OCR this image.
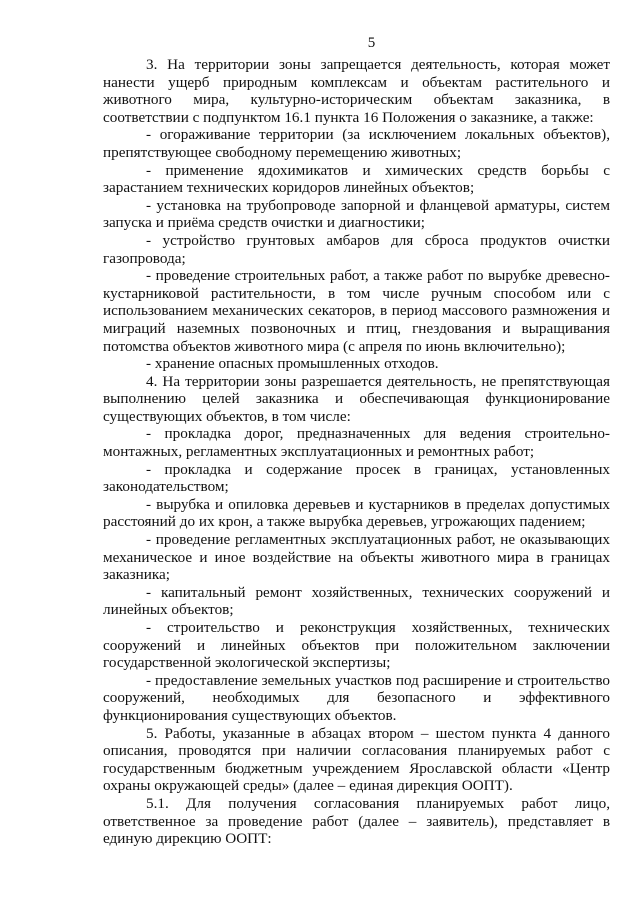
5

3. На территории зоны запрещается деятельность, которая может нанести ущерб природным комплексам и объектам растительного и животного мира, культурно-историческим объектам заказника, в соответствии с подпунктом 16.1 пункта 16 Положения о заказнике, а также:

- огораживание территории (за исключением локальных объектов), препятствующее свободному перемещению животных;

- применение ядохимикатов и химических средств борьбы с зарастанием технических коридоров линейных объектов;

- установка на трубопроводе запорной и фланцевой арматуры, систем запуска и приёма средств очистки и диагностики;

- устройство грунтовых амбаров для сброса продуктов очистки газопровода;

- проведение строительных работ, а также работ по вырубке древесно-кустарниковой растительности, в том числе ручным способом или с использованием механических секаторов, в период массового размножения и миграций наземных позвоночных и птиц, гнездования и выращивания потомства объектов животного мира (с апреля по июнь включительно);

- хранение опасных промышленных отходов.

4. На территории зоны разрешается деятельность, не препятствующая выполнению целей заказника и обеспечивающая функционирование существующих объектов, в том числе:

- прокладка дорог, предназначенных для ведения строительно-монтажных, регламентных эксплуатационных и ремонтных работ;

- прокладка и содержание просек в границах, установленных законодательством;

- вырубка и опиловка деревьев и кустарников в пределах допустимых расстояний до их крон, а также вырубка деревьев, угрожающих падением;

- проведение регламентных эксплуатационных работ, не оказывающих механическое и иное воздействие на объекты животного мира в границах заказника;

- капитальный ремонт хозяйственных, технических сооружений и линейных объектов;

- строительство и реконструкция хозяйственных, технических сооружений и линейных объектов при положительном заключении государственной экологической экспертизы;

- предоставление земельных участков под расширение и строительство сооружений, необходимых для безопасного и эффективного функционирования существующих объектов.

5. Работы, указанные в абзацах втором – шестом пункта 4 данного описания, проводятся при наличии согласования планируемых работ с государственным бюджетным учреждением Ярославской области «Центр охраны окружающей среды» (далее – единая дирекция ООПТ).

5.1. Для получения согласования планируемых работ лицо, ответственное за проведение работ (далее – заявитель), представляет в единую дирекцию ООПТ:
